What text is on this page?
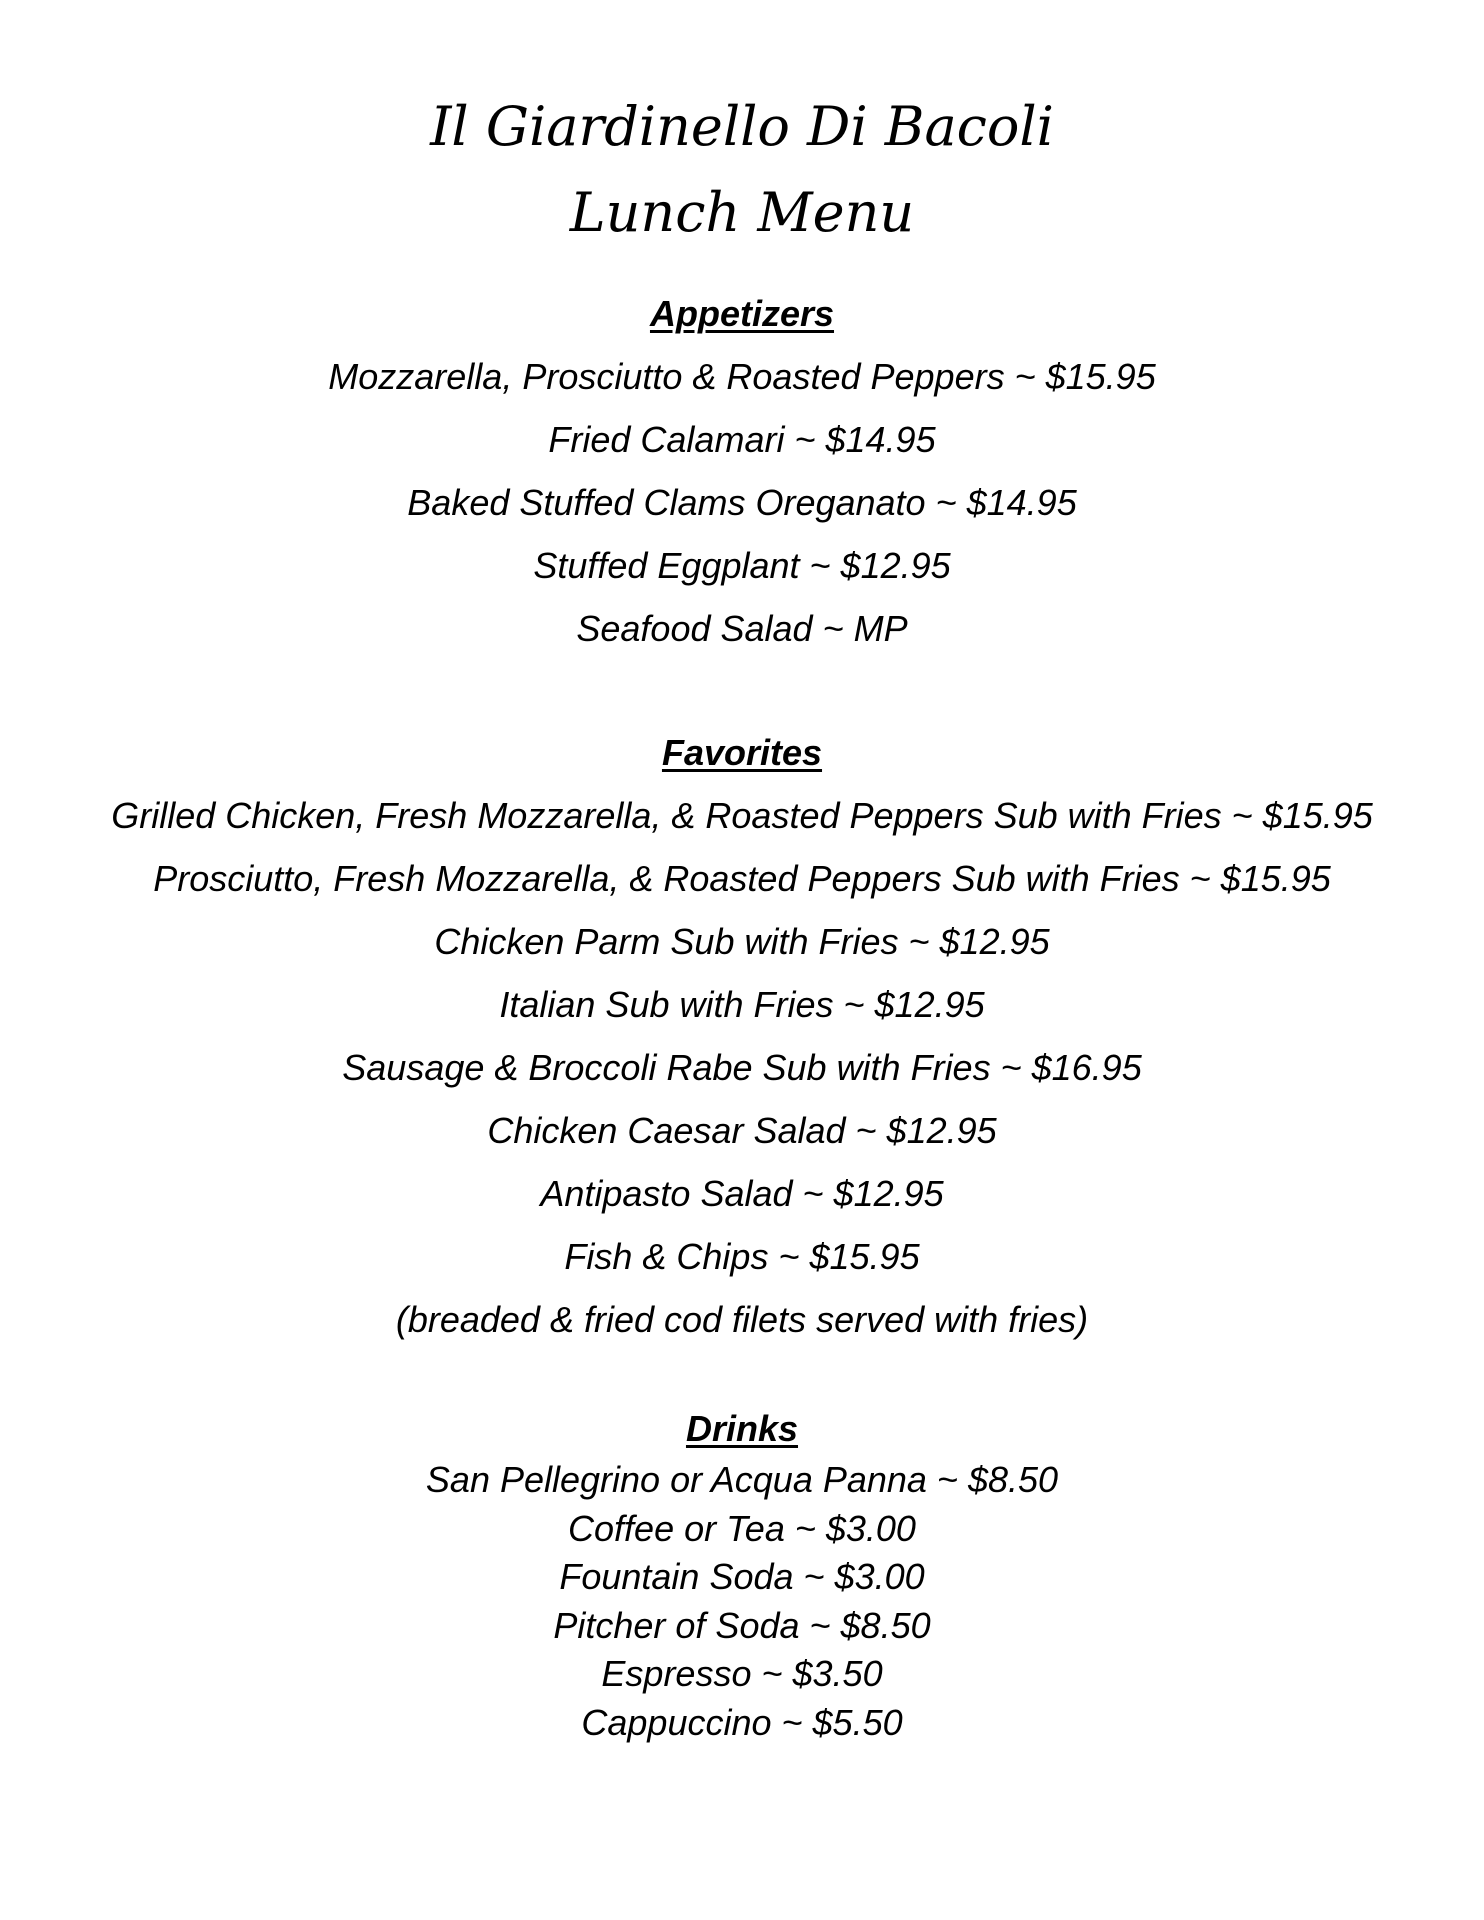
Il Giardinello Di Bacoli
Lunch Menu
Appetizers
Mozzarella, Prosciutto & Roasted Peppers ~ $15.95
Fried Calamari ~ $14.95
Baked Stuffed Clams Oreganato ~ $14.95
Stuffed Eggplant ~ $12.95
Seafood Salad ~ MP
Favorites
Grilled Chicken, Fresh Mozzarella, & Roasted Peppers Sub with Fries ~ $15.95
Prosciutto, Fresh Mozzarella, & Roasted Peppers Sub with Fries ~ $15.95
Chicken Parm Sub with Fries ~ $12.95
Italian Sub with Fries ~ $12.95
Sausage & Broccoli Rabe Sub with Fries ~ $16.95
Chicken Caesar Salad ~ $12.95
Antipasto Salad ~ $12.95
Fish & Chips ~ $15.95
(breaded & fried cod filets served with fries)
Drinks
San Pellegrino or Acqua Panna ~ $8.50
Coffee or Tea ~ $3.00
Fountain Soda ~ $3.00
Pitcher of Soda ~ $8.50
Espresso ~ $3.50
Cappuccino ~ $5.50
